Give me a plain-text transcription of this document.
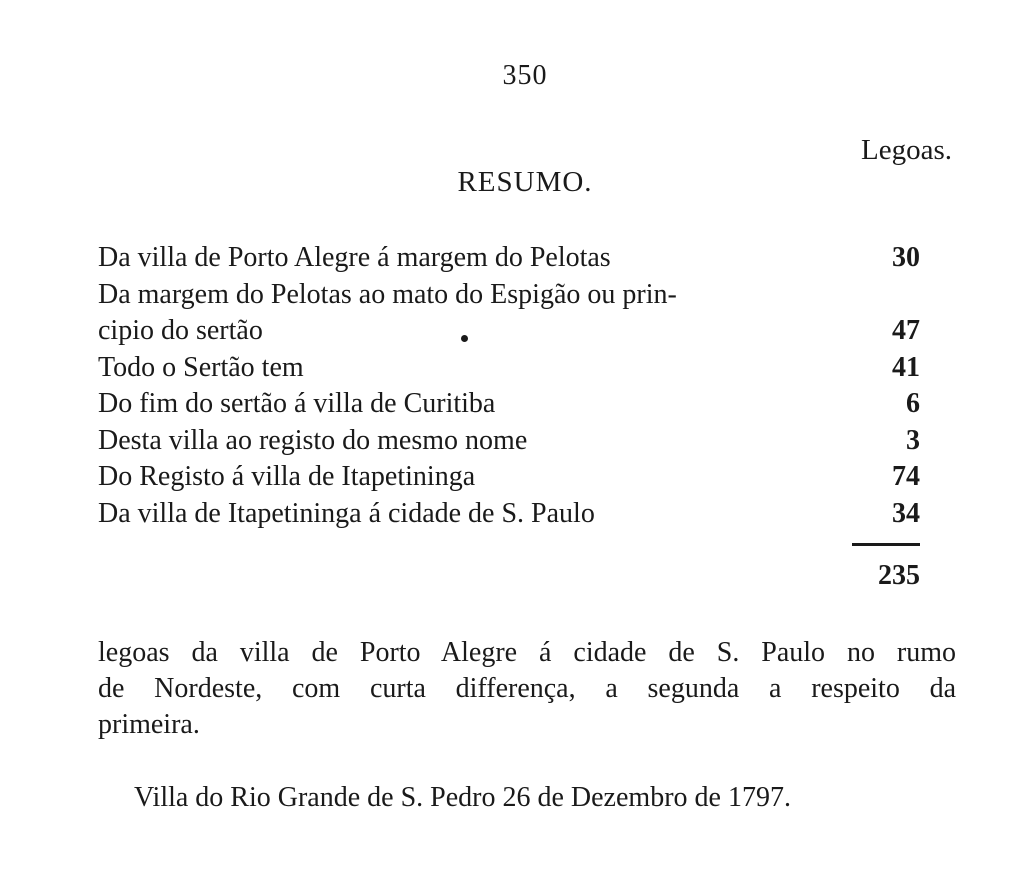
350
Legoas.
RESUMO.
Da villa de Porto Alegre á margem do Pelotas	30
Da margem do Pelotas ao mato do Espigão ou prin-
cipio do sertão	47
Todo o Sertão tem	41
Do fim do sertão á villa de Curitiba	6
Desta villa ao registo do mesmo nome	3
Do Registo á villa de Itapetininga	74
Da villa de Itapetininga á cidade de S. Paulo	34
235
legoas da villa de Porto Alegre á cidade de S. Paulo no rumo
de Nordeste, com curta differença, a segunda a respeito da
primeira.
Villa do Rio Grande de S. Pedro 26 de Dezembro de 1797.
